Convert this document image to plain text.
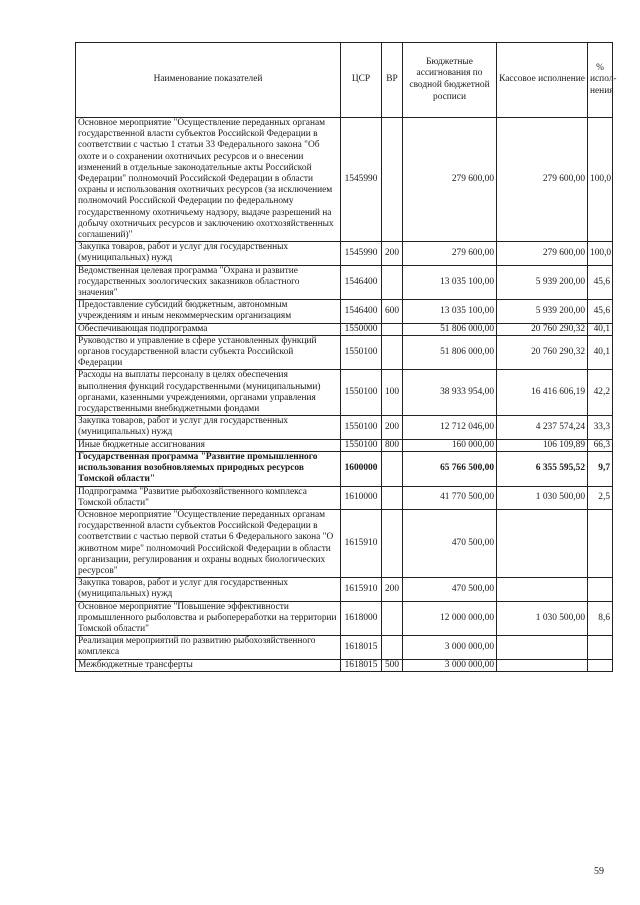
Наименование показателей	ЦСР	ВР	Бюджетные ассигнования по сводной бюджетной росписи	Кассовое исполнение	% испол-нения
Основное мероприятие "Осуществление переданных органам государственной власти субъектов Российской Федерации в соответствии с частью 1 статьи 33 Федерального закона "Об охоте и о сохранении охотничьих ресурсов и о внесении изменений в отдельные законодательные акты Российской Федерации" полномочий Российской Федерации в области охраны и использования охотничьих ресурсов (за исключением полномочий Российской Федерации по федеральному государственному охотничьему надзору, выдаче разрешений на добычу охотничьих ресурсов и заключению охотхозяйственных соглашений)"	1545990		279 600,00	279 600,00	100,0
Закупка товаров, работ и услуг для государственных (муниципальных) нужд	1545990	200	279 600,00	279 600,00	100,0
Ведомственная целевая программа "Охрана и развитие государственных зоологических заказников областного значения"	1546400		13 035 100,00	5 939 200,00	45,6
Предоставление субсидий бюджетным, автономным учреждениям и иным некоммерческим организациям	1546400	600	13 035 100,00	5 939 200,00	45,6
Обеспечивающая подпрограмма	1550000		51 806 000,00	20 760 290,32	40,1
Руководство и управление в сфере установленных функций органов государственной власти субъекта Российской Федерации	1550100		51 806 000,00	20 760 290,32	40,1
Расходы на выплаты персоналу в целях обеспечения выполнения функций государственными (муниципальными) органами, казенными учреждениями, органами управления государственными внебюджетными фондами	1550100	100	38 933 954,00	16 416 606,19	42,2
Закупка товаров, работ и услуг для государственных (муниципальных) нужд	1550100	200	12 712 046,00	4 237 574,24	33,3
Иные бюджетные ассигнования	1550100	800	160 000,00	106 109,89	66,3
Государственная программа "Развитие промышленного использования возобновляемых природных ресурсов Томской области"	1600000		65 766 500,00	6 355 595,52	9,7
Подпрограмма "Развитие рыбохозяйственного комплекса Томской области"	1610000		41 770 500,00	1 030 500,00	2,5
Основное мероприятие "Осуществление переданных органам государственной власти субъектов Российской Федерации в соответствии с частью первой статьи 6 Федерального закона "О животном мире" полномочий Российской Федерации в области организации, регулирования и охраны водных биологических ресурсов"	1615910		470 500,00		
Закупка товаров, работ и услуг для государственных (муниципальных) нужд	1615910	200	470 500,00		
Основное мероприятие "Повышение эффективности промышленного рыболовства и рыбопереработки на территории Томской области"	1618000		12 000 000,00	1 030 500,00	8,6
Реализация мероприятий по развитию рыбохозяйственного комплекса	1618015		3 000 000,00		
Межбюджетные трансферты	1618015	500	3 000 000,00		
59
